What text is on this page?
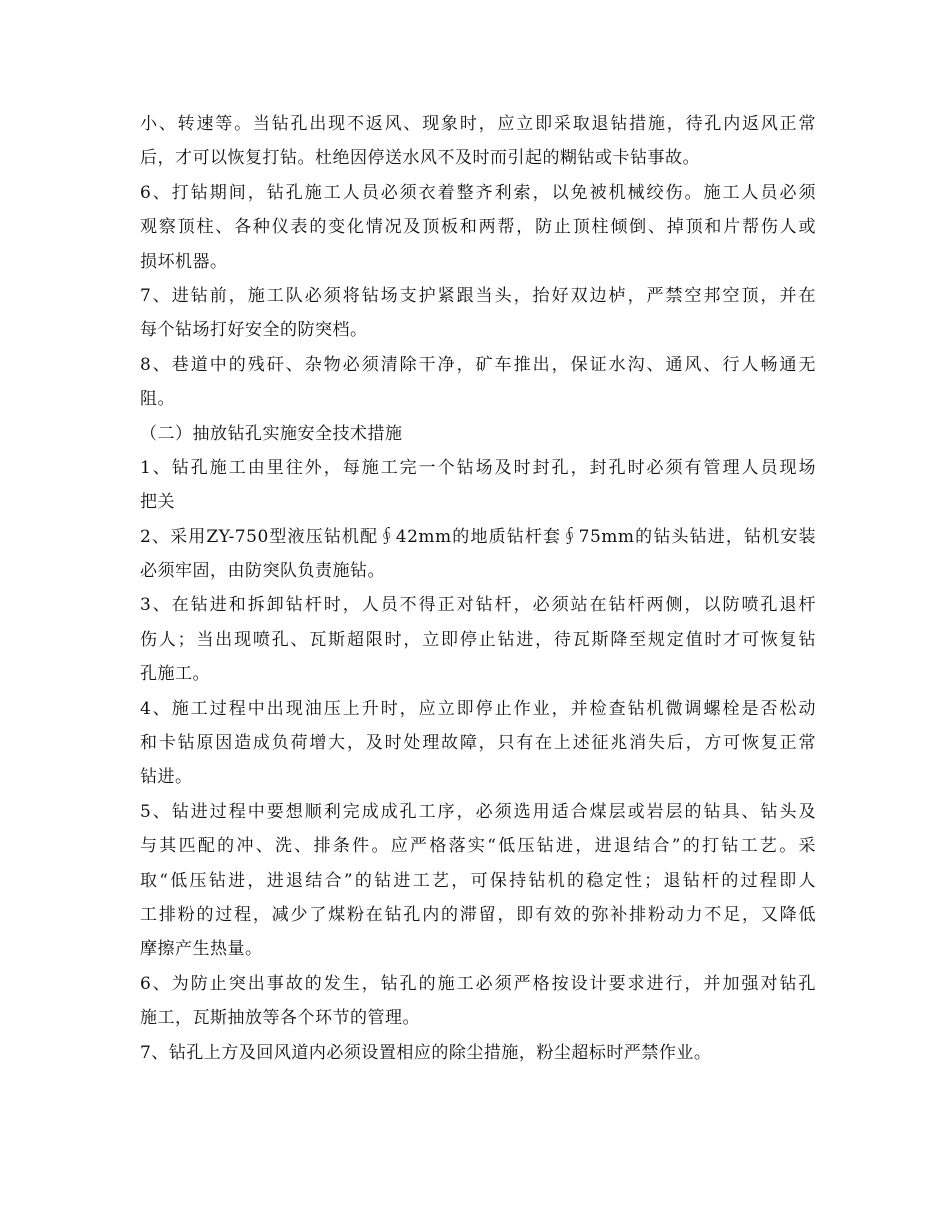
小、转速等。当钻孔出现不返风、现象时，应立即采取退钻措施，待孔内返风正常
后，才可以恢复打钻。杜绝因停送水风不及时而引起的糊钻或卡钻事故。
6、打钻期间，钻孔施工人员必须衣着整齐利索，以免被机械绞伤。施工人员必须
观察顶柱、各种仪表的变化情况及顶板和两帮，防止顶柱倾倒、掉顶和片帮伤人或
损坏机器。
7、进钻前，施工队必须将钻场支护紧跟当头，抬好双边栌，严禁空邦空顶，并在
每个钻场打好安全的防突档。
8、巷道中的残矸、杂物必须清除干净，矿车推出，保证水沟、通风、行人畅通无
阻。
（二）抽放钻孔实施安全技术措施
1、钻孔施工由里往外，每施工完一个钻场及时封孔，封孔时必须有管理人员现场
把关
2、采用ZY-750型液压钻机配∮42mm的地质钻杆套∮75mm的钻头钻进，钻机安装
必须牢固，由防突队负责施钻。
3、在钻进和拆卸钻杆时，人员不得正对钻杆，必须站在钻杆两侧，以防喷孔退杆
伤人；当出现喷孔、瓦斯超限时，立即停止钻进，待瓦斯降至规定值时才可恢复钻
孔施工。
4、施工过程中出现油压上升时，应立即停止作业，并检查钻机微调螺栓是否松动
和卡钻原因造成负荷增大，及时处理故障，只有在上述征兆消失后，方可恢复正常
钻进。
5、钻进过程中要想顺利完成成孔工序，必须选用适合煤层或岩层的钻具、钻头及
与其匹配的冲、洗、排条件。应严格落实“低压钻进，进退结合”的打钻工艺。采
取“低压钻进，进退结合”的钻进工艺，可保持钻机的稳定性；退钻杆的过程即人
工排粉的过程，减少了煤粉在钻孔内的滞留，即有效的弥补排粉动力不足，又降低
摩擦产生热量。
6、为防止突出事故的发生，钻孔的施工必须严格按设计要求进行，并加强对钻孔
施工，瓦斯抽放等各个环节的管理。
7、钻孔上方及回风道内必须设置相应的除尘措施，粉尘超标时严禁作业。
